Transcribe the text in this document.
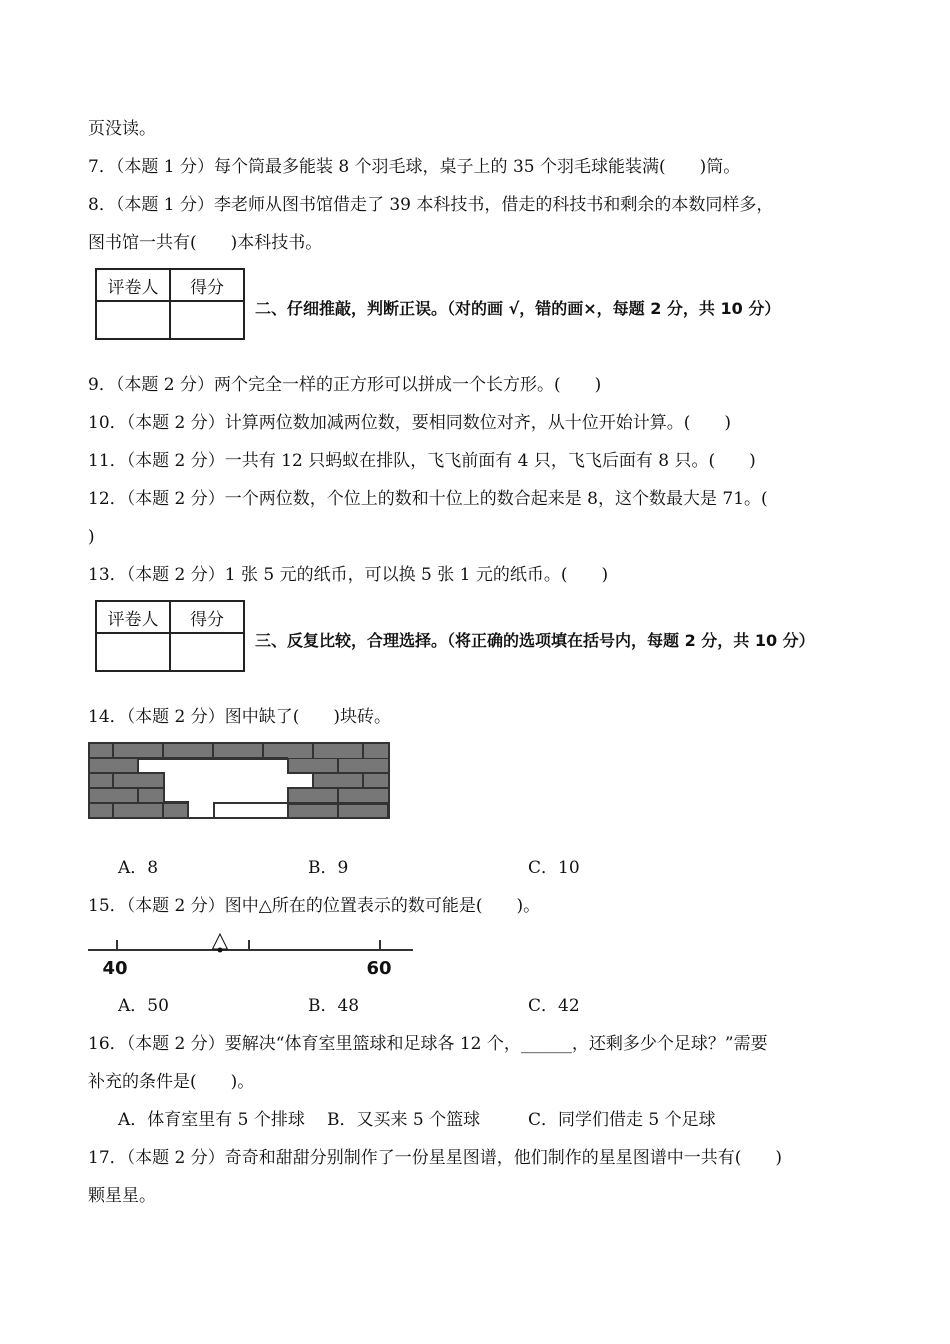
页没读。
7．（本题 1 分）每个筒最多能装 8 个羽毛球，桌子上的 35 个羽毛球能装满(　　)筒。
8．（本题 1 分）李老师从图书馆借走了 39 本科技书，借走的科技书和剩余的本数同样多，
图书馆一共有(　　)本科技书。
评卷人	得分

二、仔细推敲，判断正误。（对的画 √，错的画×，每题 2 分，共 10 分）
9．（本题 2 分）两个完全一样的正方形可以拼成一个长方形。(　　)
10．（本题 2 分）计算两位数加减两位数，要相同数位对齐，从十位开始计算。(　　)
11．（本题 2 分）一共有 12 只蚂蚁在排队，飞飞前面有 4 只，飞飞后面有 8 只。(　　)
12．（本题 2 分）一个两位数，个位上的数和十位上的数合起来是 8，这个数最大是 71。(
)
13．（本题 2 分）1 张 5 元的纸币，可以换 5 张 1 元的纸币。(　　)
评卷人	得分

三、反复比较，合理选择。（将正确的选项填在括号内，每题 2 分，共 10 分）
14．（本题 2 分）图中缺了(　　)块砖。
A．8	B．9	C．10
15．（本题 2 分）图中△所在的位置表示的数可能是(　　)。
△
40	60
A．50	B．48	C．42
16．（本题 2 分）要解决“体育室里篮球和足球各 12 个，______，还剩多少个足球？”需要
补充的条件是(　　)。
A．体育室里有 5 个排球 B．又买来 5 个篮球	C．同学们借走 5 个足球
17．（本题 2 分）奇奇和甜甜分别制作了一份星星图谱，他们制作的星星图谱中一共有(　　)
颗星星。
